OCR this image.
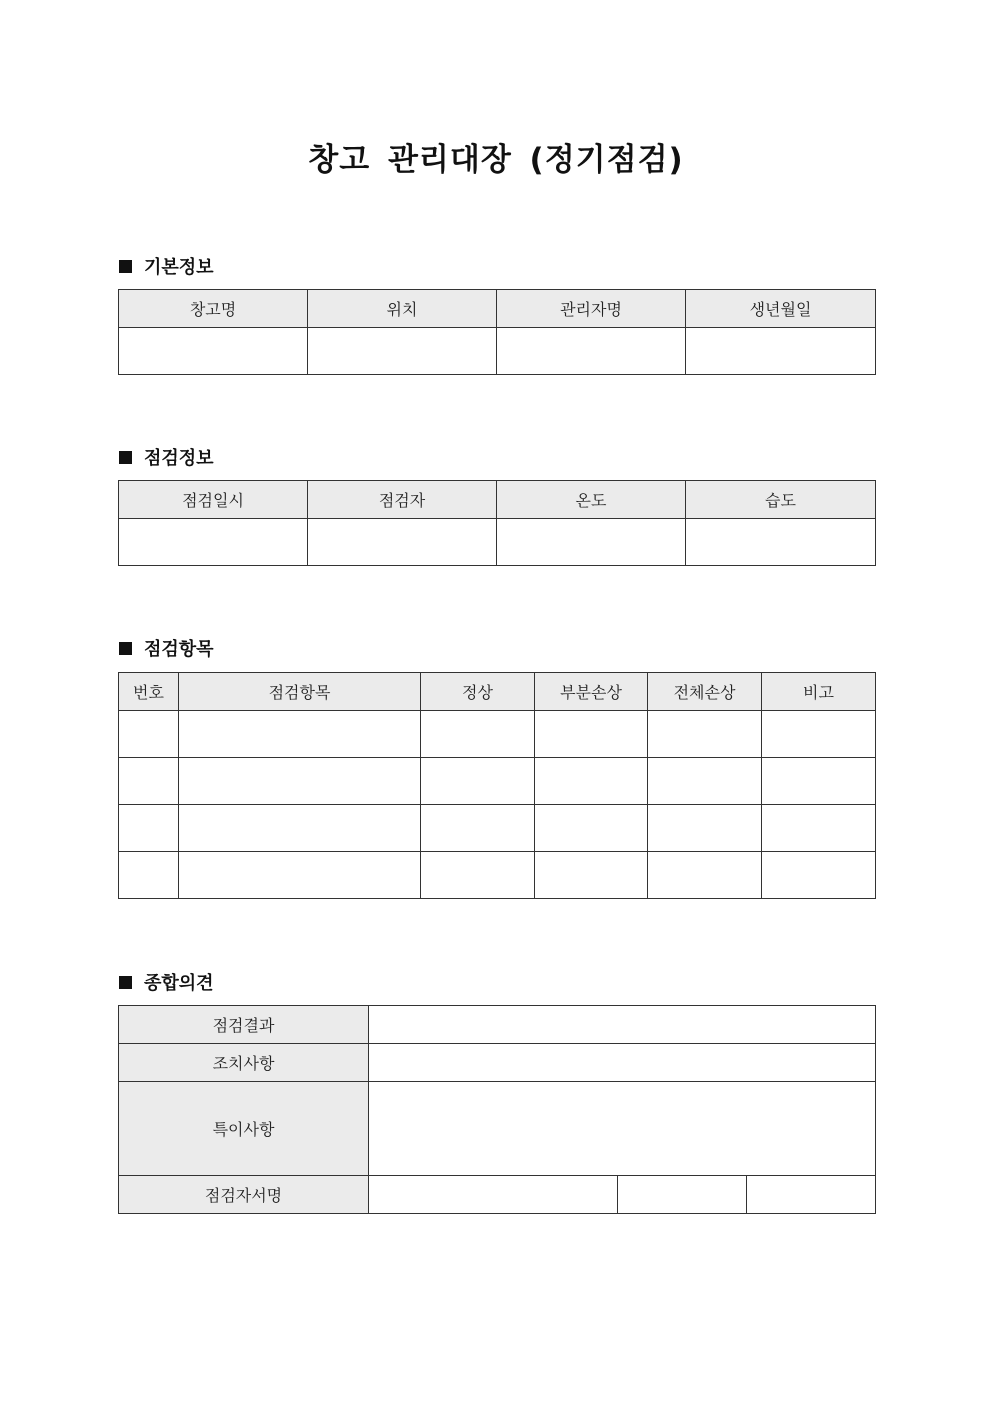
창고 관리대장 (정기점검)
기본정보
창고명	위치	관리자명	생년월일

점검정보
점검일시	점검자	온도	습도

점검항목
번호	점검항목	정상	부분손상	전체손상	비고

종합의견
점검결과			
조치사항			
특이사항			
점검자서명			
